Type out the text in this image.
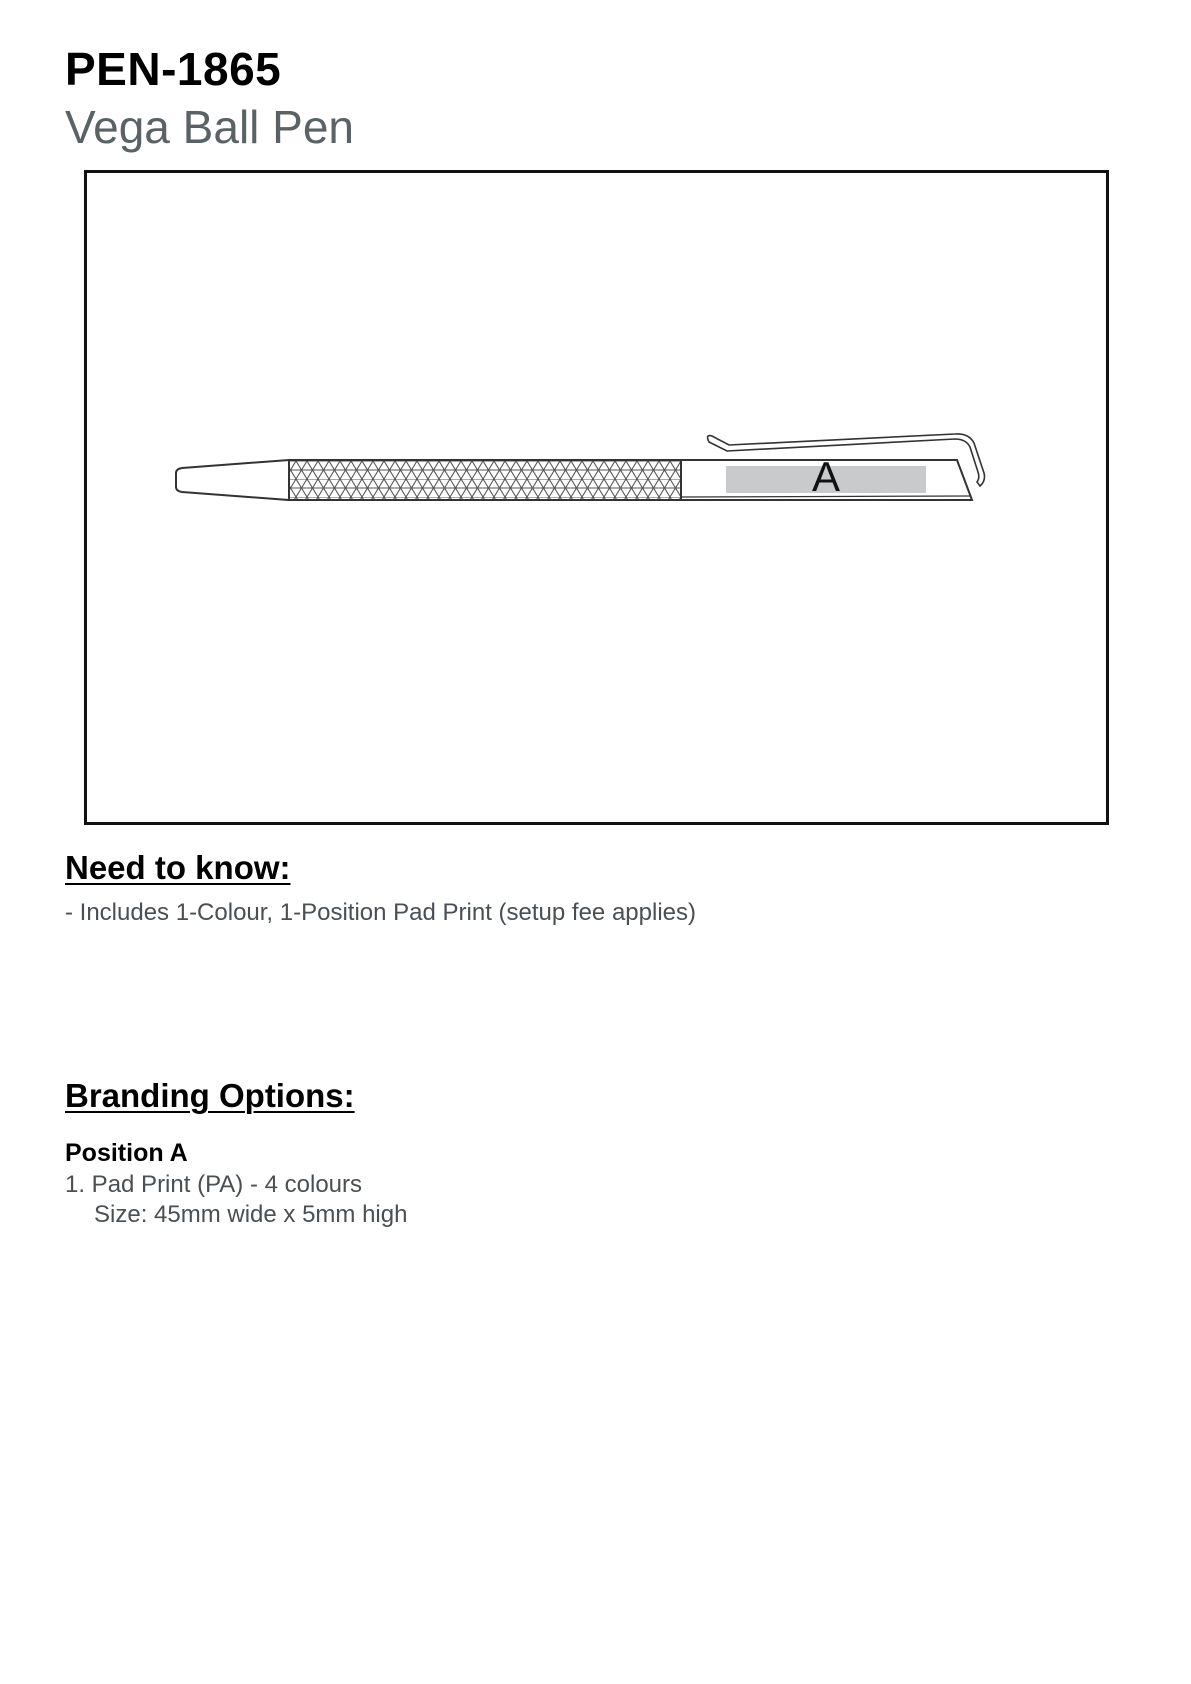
PEN-1865
Vega Ball Pen
A
Need to know:

- Includes 1-Colour, 1-Position Pad Print (setup fee applies)

Branding Options:

Position A

1. Pad Print (PA) - 4 colours

Size: 45mm wide x 5mm high
